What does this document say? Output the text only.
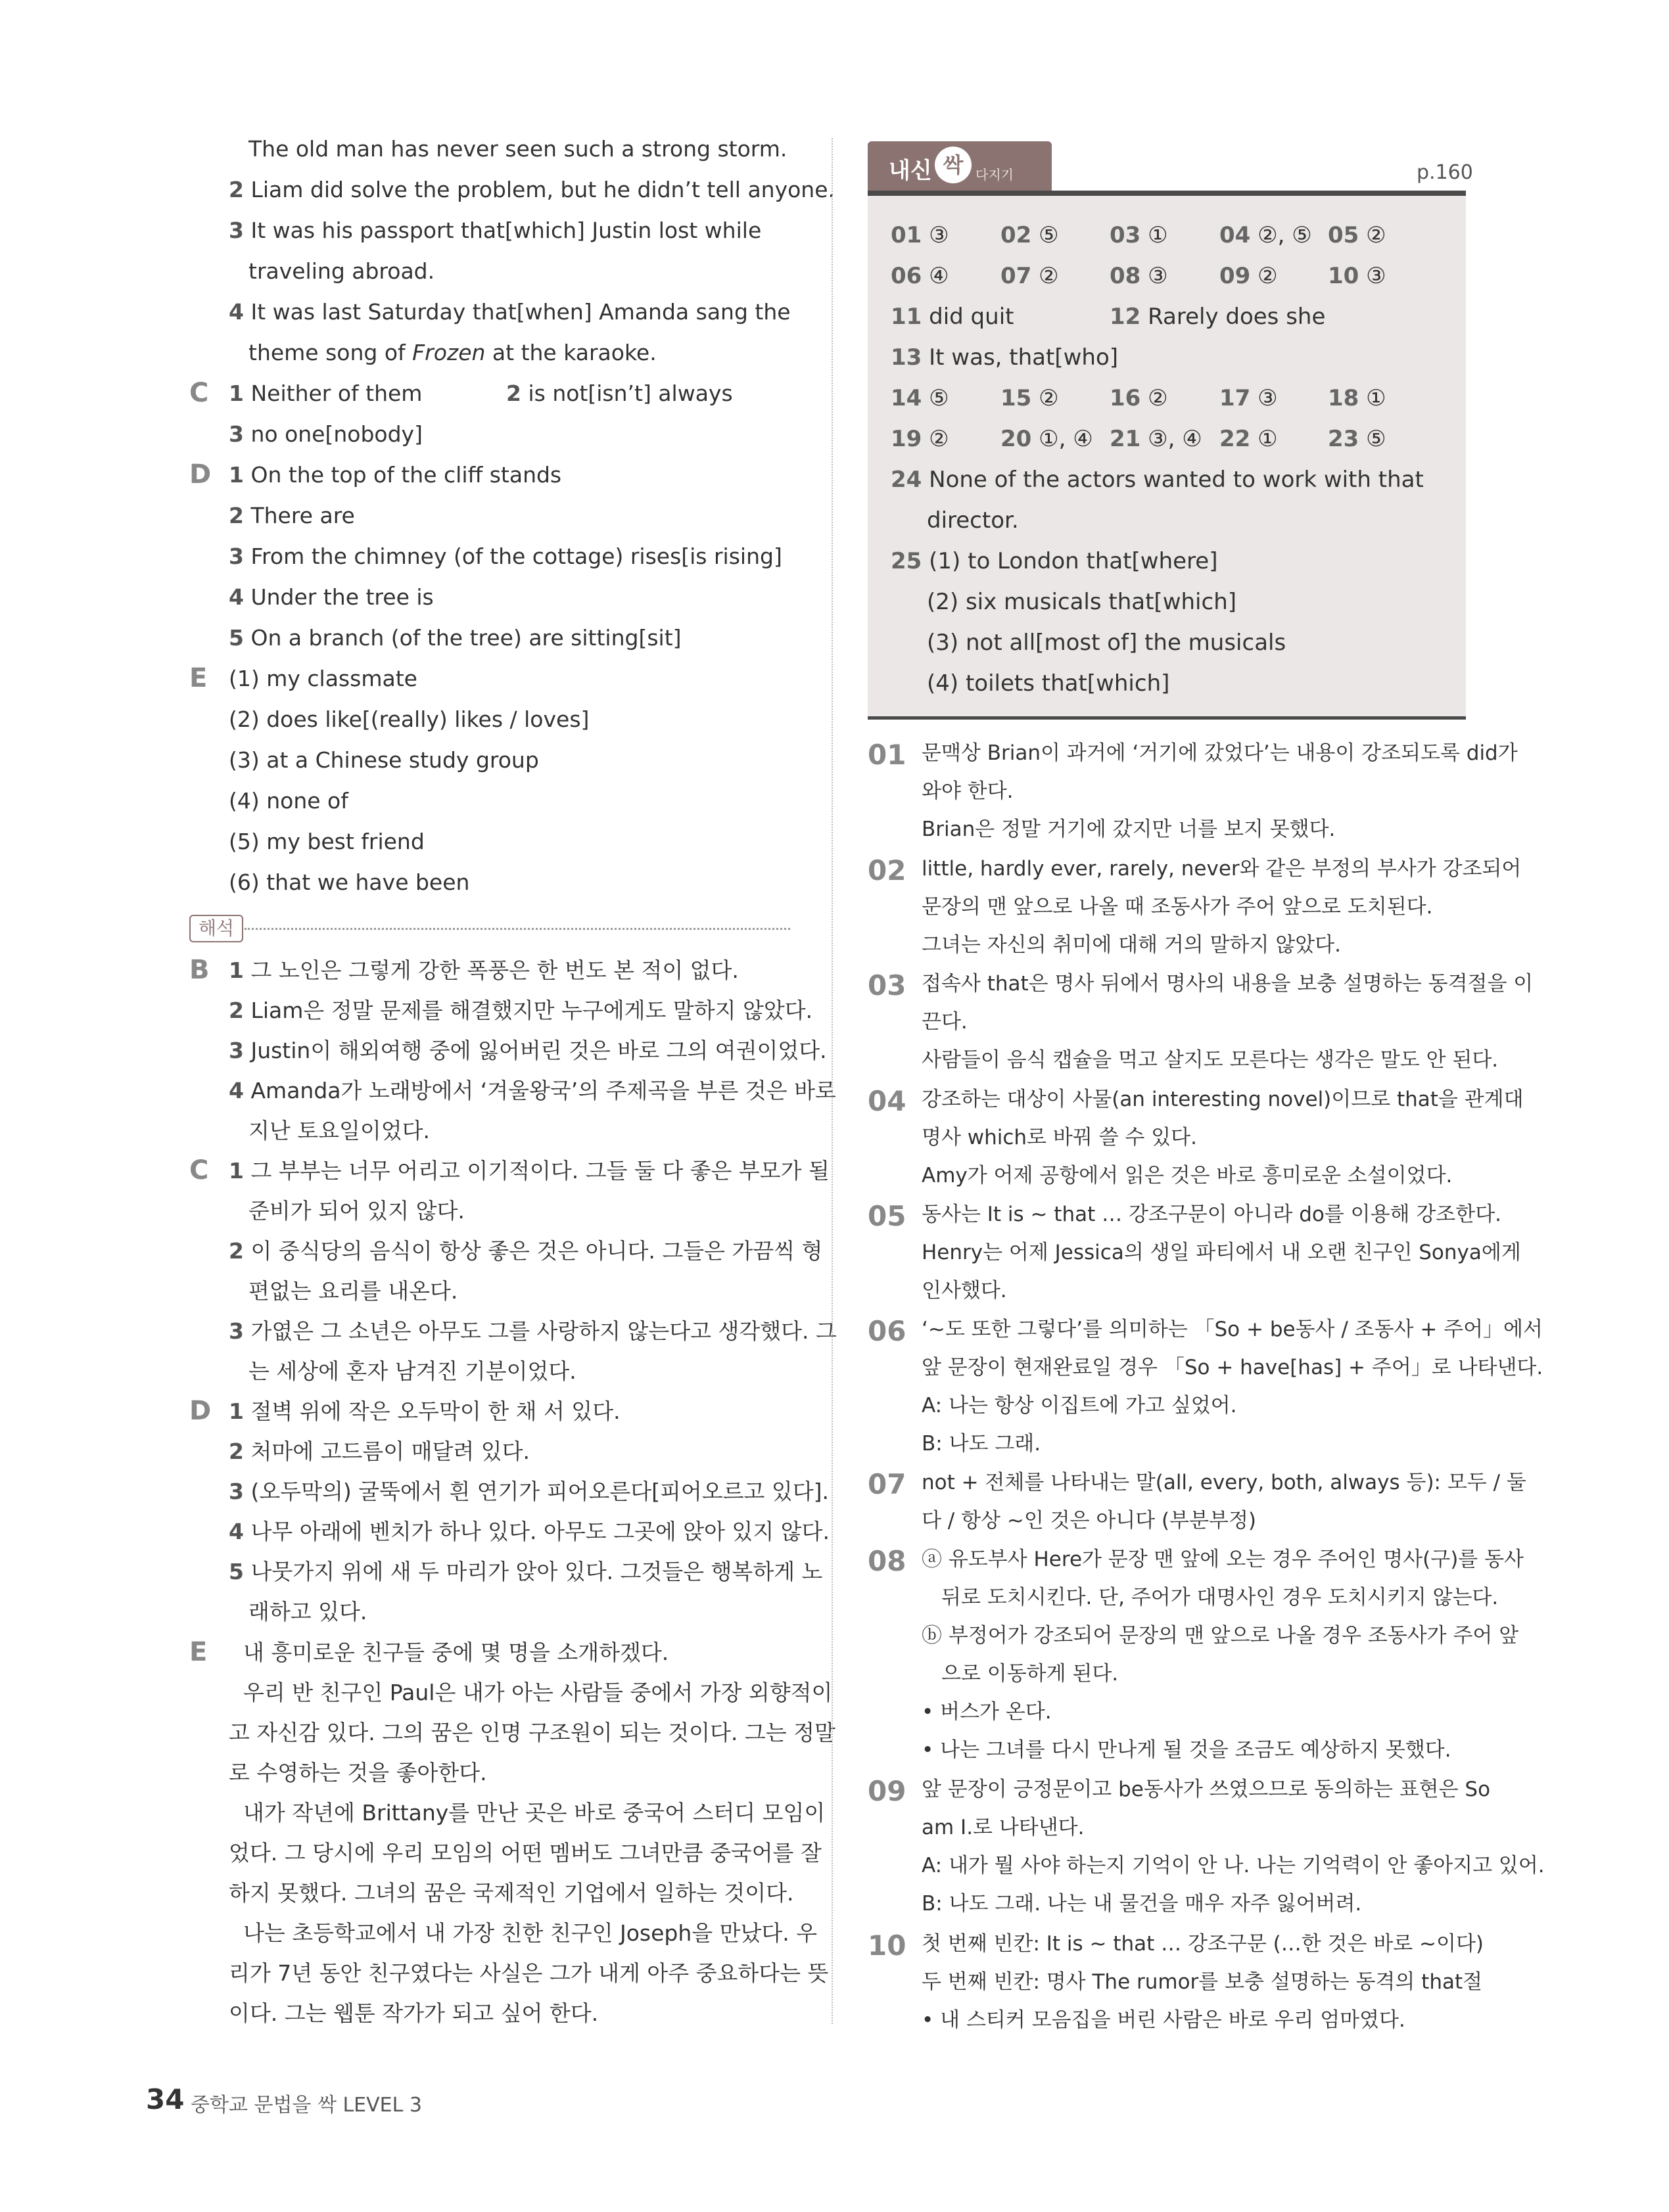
The old man has never seen such a strong storm.
2 Liam did solve the problem, but he didn’t tell anyone.
3 It was his passport that[which] Justin lost while
traveling abroad.
4 It was last Saturday that[when] Amanda sang the
theme song of Frozen at the karaoke.
C 1 Neither of them	2 is not[isn’t] always
3 no one[nobody]
D 1 On the top of the cliff stands
2 There are
3 From the chimney (of the cottage) rises[is rising]
4 Under the tree is
5 On a branch (of the tree) are sitting[sit]
E (1) my classmate
(2) does like[(really) likes / loves]
(3) at a Chinese study group
(4) none of
(5) my best friend
(6) that we have been
해석
B 1 그 노인은 그렇게 강한 폭풍은 한 번도 본 적이 없다.
2 Liam은 정말 문제를 해결했지만 누구에게도 말하지 않았다.
3 Justin이 해외여행 중에 잃어버린 것은 바로 그의 여권이었다.
4 Amanda가 노래방에서 ‘겨울왕국’의 주제곡을 부른 것은 바로
지난 토요일이었다.
C 1 그 부부는 너무 어리고 이기적이다. 그들 둘 다 좋은 부모가 될
준비가 되어 있지 않다.
2 이 중식당의 음식이 항상 좋은 것은 아니다. 그들은 가끔씩 형
편없는 요리를 내온다.
3 가엾은 그 소년은 아무도 그를 사랑하지 않는다고 생각했다. 그
는 세상에 혼자 남겨진 기분이었다.
D 1 절벽 위에 작은 오두막이 한 채 서 있다.
2 처마에 고드름이 매달려 있다.
3 (오두막의) 굴뚝에서 흰 연기가 피어오른다[피어오르고 있다].
4 나무 아래에 벤치가 하나 있다. 아무도 그곳에 앉아 있지 않다.
5 나뭇가지 위에 새 두 마리가 앉아 있다. 그것들은 행복하게 노
래하고 있다.
E 내 흥미로운 친구들 중에 몇 명을 소개하겠다.
우리 반 친구인 Paul은 내가 아는 사람들 중에서 가장 외향적이
고 자신감 있다. 그의 꿈은 인명 구조원이 되는 것이다. 그는 정말
로 수영하는 것을 좋아한다.
내가 작년에 Brittany를 만난 곳은 바로 중국어 스터디 모임이
었다. 그 당시에 우리 모임의 어떤 멤버도 그녀만큼 중국어를 잘
하지 못했다. 그녀의 꿈은 국제적인 기업에서 일하는 것이다.
나는 초등학교에서 내 가장 친한 친구인 Joseph을 만났다. 우
리가 7년 동안 친구였다는 사실은 그가 내게 아주 중요하다는 뜻
이다. 그는 웹툰 작가가 되고 싶어 한다.
내신 싹 다지기	p.160
01 ③ 02 ⑤ 03 ① 04 ②, ⑤ 05 ②
06 ④ 07 ② 08 ③ 09 ② 10 ③
11 did quit	12 Rarely does she
13 It was, that[who]
14 ⑤ 15 ② 16 ② 17 ③ 18 ①
19 ② 20 ①, ④ 21 ③, ④ 22 ① 23 ⑤
24 None of the actors wanted to work with that
director.
25 (1) to London that[where]
(2) six musicals that[which]
(3) not all[most of] the musicals
(4) toilets that[which]
01 문맥상 Brian이 과거에 ‘거기에 갔었다’는 내용이 강조되도록 did가
와야 한다.
Brian은 정말 거기에 갔지만 너를 보지 못했다.
02 little, hardly ever, rarely, never와 같은 부정의 부사가 강조되어
문장의 맨 앞으로 나올 때 조동사가 주어 앞으로 도치된다.
그녀는 자신의 취미에 대해 거의 말하지 않았다.
03 접속사 that은 명사 뒤에서 명사의 내용을 보충 설명하는 동격절을 이
끈다.
사람들이 음식 캡슐을 먹고 살지도 모른다는 생각은 말도 안 된다.
04 강조하는 대상이 사물(an interesting novel)이므로 that을 관계대
명사 which로 바꿔 쓸 수 있다.
Amy가 어제 공항에서 읽은 것은 바로 흥미로운 소설이었다.
05 동사는 It is ~ that … 강조구문이 아니라 do를 이용해 강조한다.
Henry는 어제 Jessica의 생일 파티에서 내 오랜 친구인 Sonya에게
인사했다.
06 ‘~도 또한 그렇다’를 의미하는 「So + be동사 / 조동사 + 주어」에서
앞 문장이 현재완료일 경우 「So + have[has] + 주어」로 나타낸다.
A: 나는 항상 이집트에 가고 싶었어.
B: 나도 그래.
07 not + 전체를 나타내는 말(all, every, both, always 등): 모두 / 둘
다 / 항상 ~인 것은 아니다 (부분부정)
08 ⓐ 유도부사 Here가 문장 맨 앞에 오는 경우 주어인 명사(구)를 동사
뒤로 도치시킨다. 단, 주어가 대명사인 경우 도치시키지 않는다.
ⓑ 부정어가 강조되어 문장의 맨 앞으로 나올 경우 조동사가 주어 앞
으로 이동하게 된다.
• 버스가 온다.
• 나는 그녀를 다시 만나게 될 것을 조금도 예상하지 못했다.
09 앞 문장이 긍정문이고 be동사가 쓰였으므로 동의하는 표현은 So
am I.로 나타낸다.
A: 내가 뭘 사야 하는지 기억이 안 나. 나는 기억력이 안 좋아지고 있어.
B: 나도 그래. 나는 내 물건을 매우 자주 잃어버려.
10 첫 번째 빈칸: It is ~ that … 강조구문 (…한 것은 바로 ~이다)
두 번째 빈칸: 명사 The rumor를 보충 설명하는 동격의 that절
• 내 스티커 모음집을 버린 사람은 바로 우리 엄마였다.
34 중학교 문법을 싹 LEVEL 3
